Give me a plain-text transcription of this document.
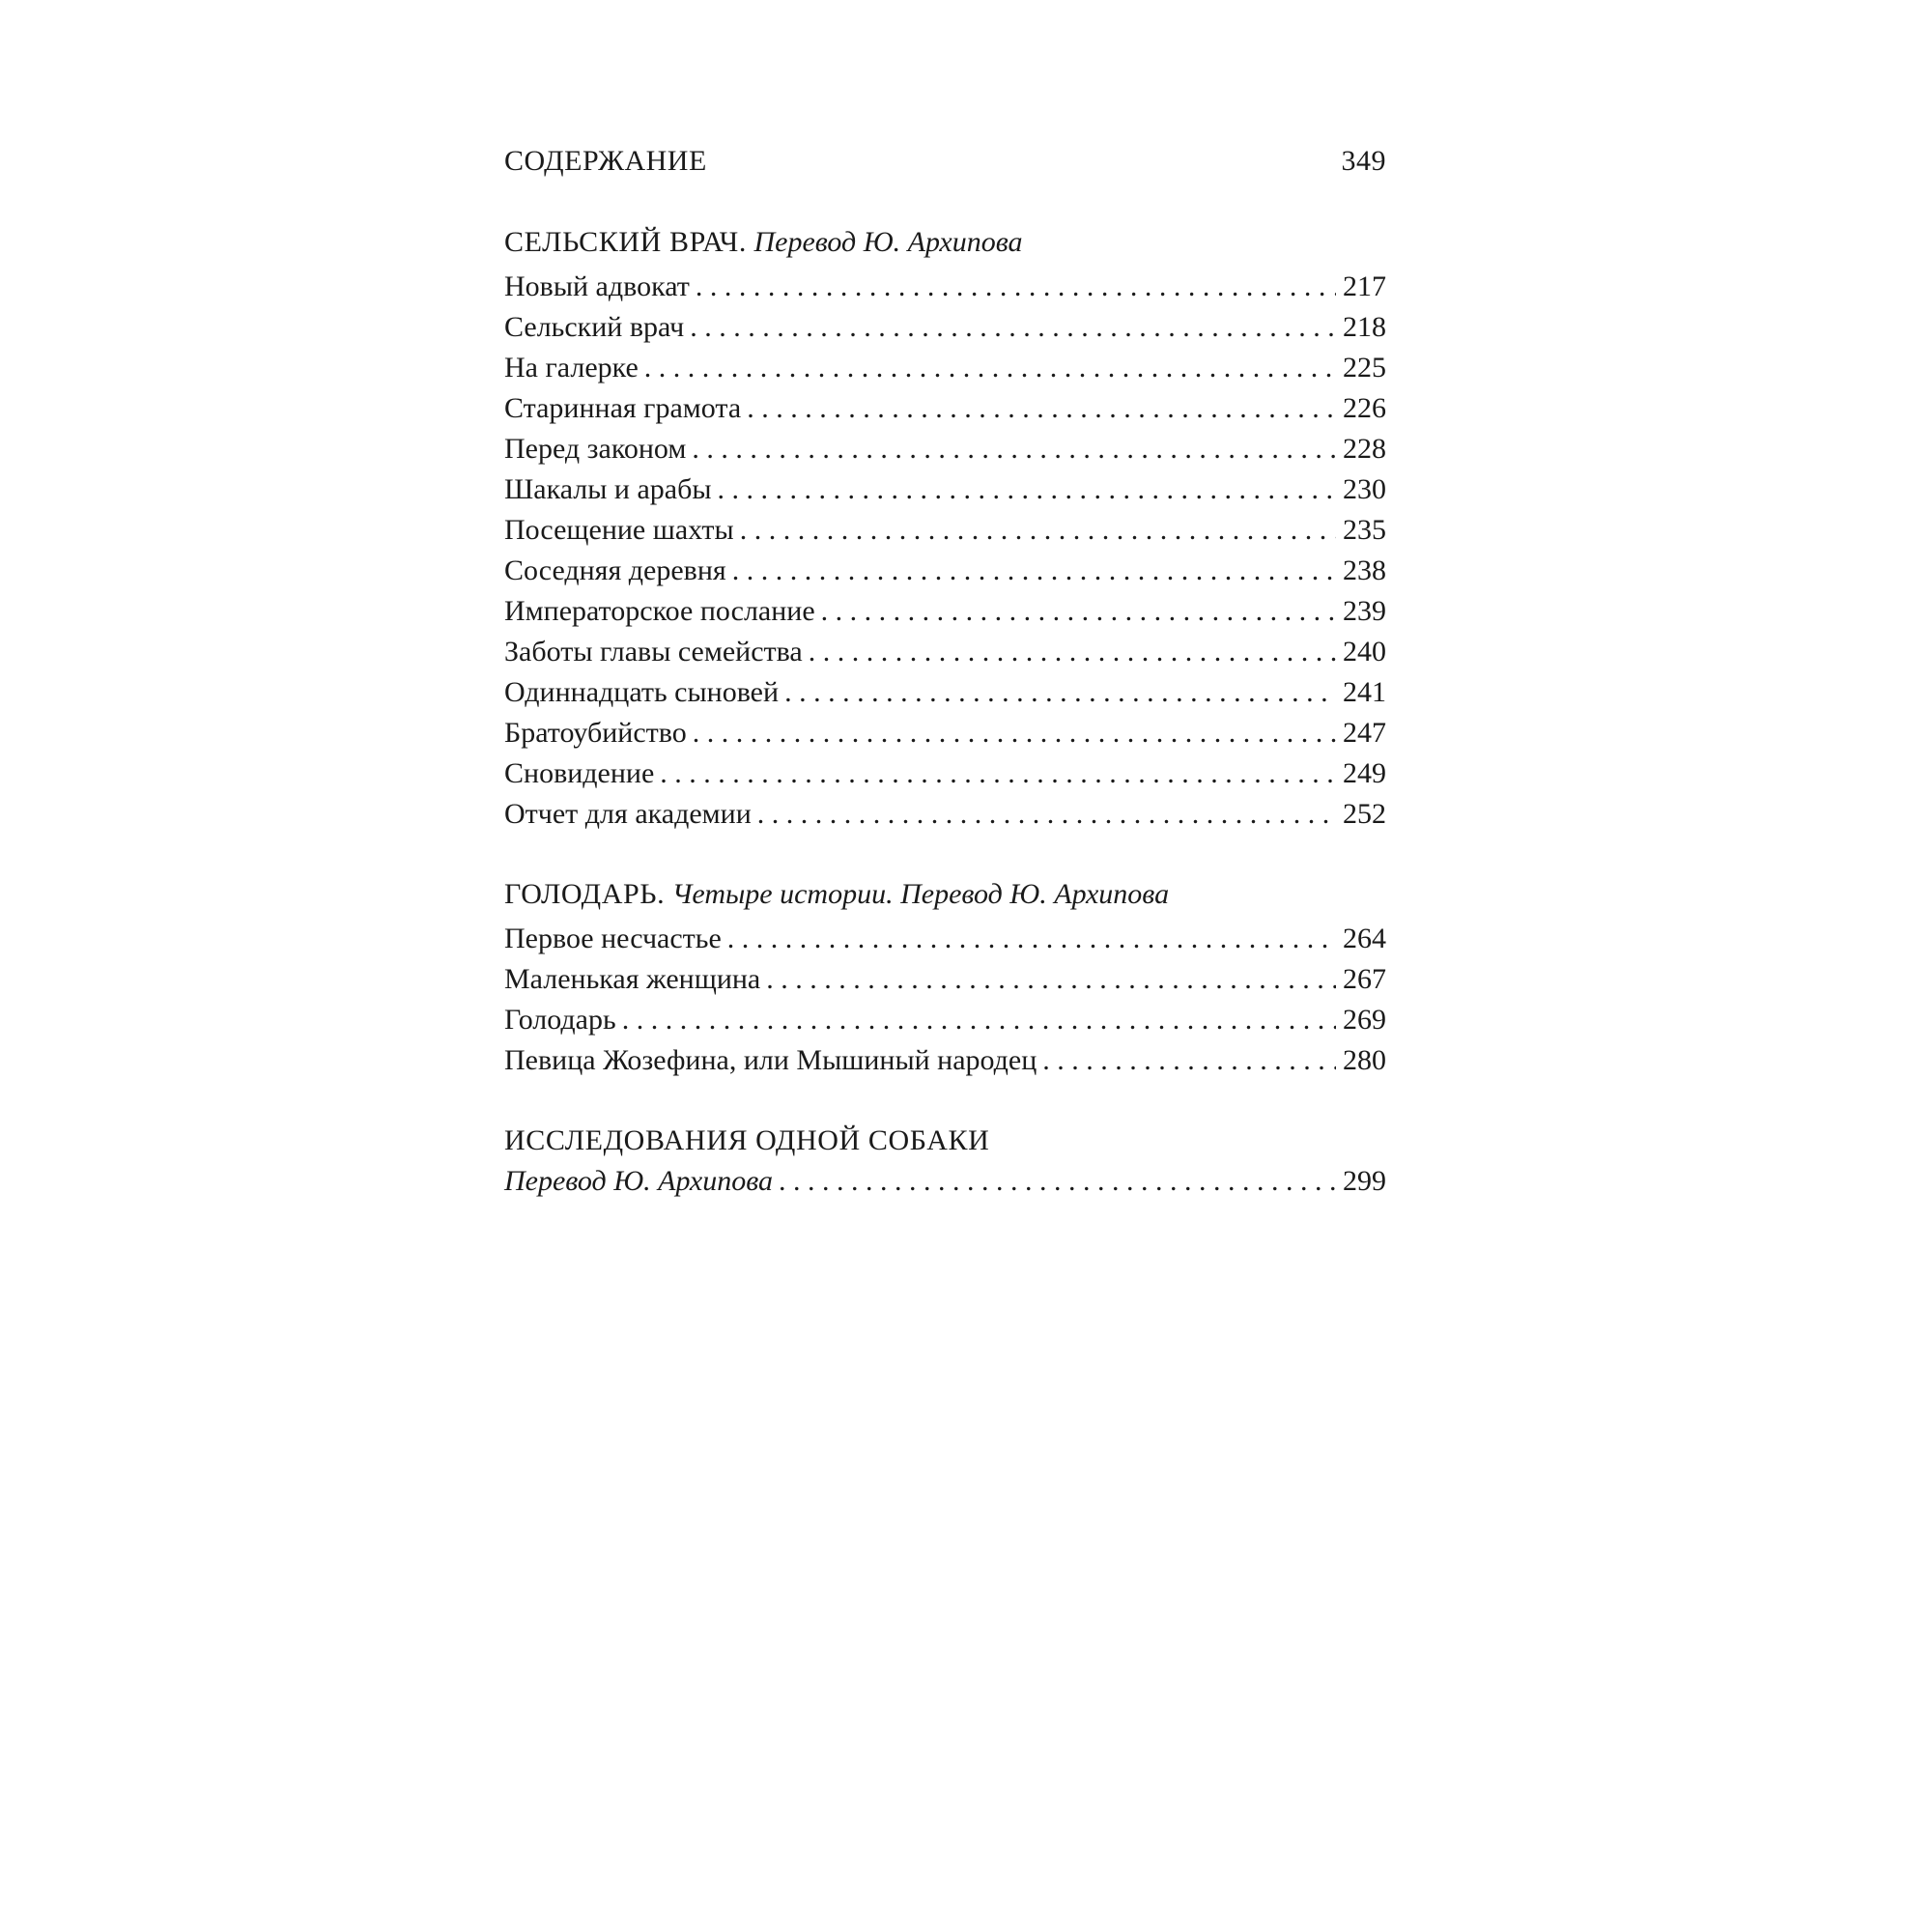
СОДЕРЖАНИЕ	349
СЕЛЬСКИЙ ВРАЧ. Перевод Ю. Архипова
Новый адвокат . . .	217
Сельский врач . . .	218
На галерке . . .	225
Старинная грамота . . .	226
Перед законом . . .	228
Шакалы и арабы . . .	230
Посещение шахты . . .	235
Соседняя деревня . . .	238
Императорское послание . . .	239
Заботы главы семейства . . .	240
Одиннадцать сыновей . . .	241
Братоубийство . . .	247
Сновидение . . .	249
Отчет для академии . . .	252
ГОЛОДАРЬ. Четыре истории. Перевод Ю. Архипова
Первое несчастье . . .	264
Маленькая женщина . . .	267
Голодарь . . .	269
Певица Жозефина, или Мышиный народец . . .	280
ИССЛЕДОВАНИЯ ОДНОЙ СОБАКИ
Перевод Ю. Архипова . . .	299
